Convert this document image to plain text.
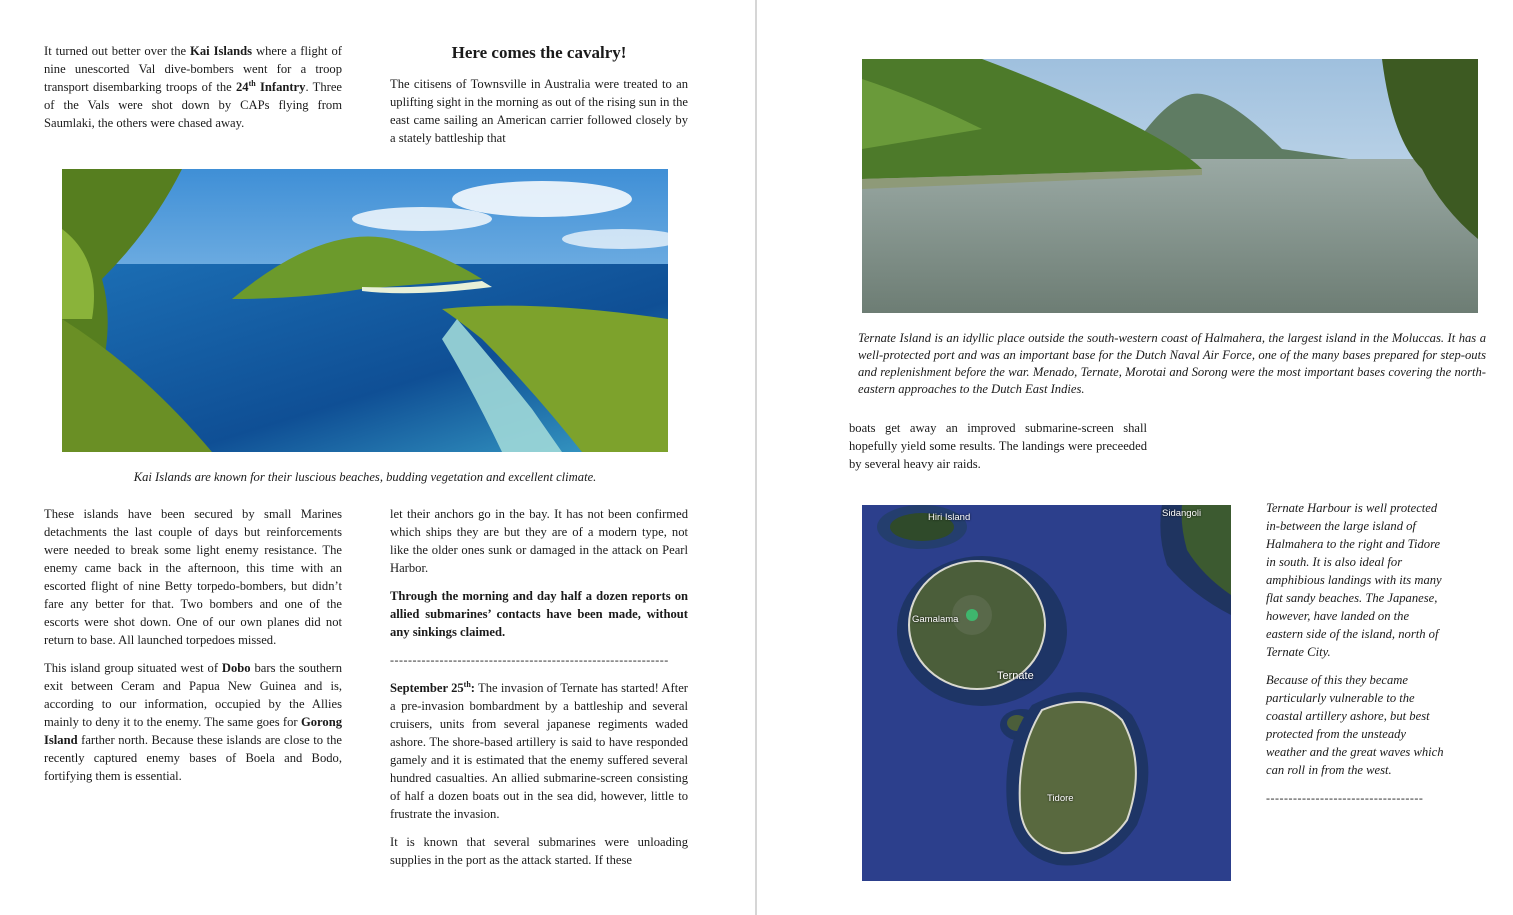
It turned out better over the Kai Islands where a flight of nine unescorted Val dive-bombers went for a troop transport disembarking troops of the 24th Infantry. Three of the Vals were shot down by CAPs flying from Saumlaki, the others were chased away.

Here comes the cavalry!

The citisens of Townsville in Australia were treated to an uplifting sight in the morning as out of the rising sun in the east came sailing an American carrier followed closely by a stately battleship that

Kai Islands are known for their luscious beaches, budding vegetation and excellent climate.

These islands have been secured by small Marines detachments the last couple of days but reinforcements were needed to break some light enemy resistance. The enemy came back in the afternoon, this time with an escorted flight of nine Betty torpedo-bombers, but didn’t fare any better for that. Two bombers and one of the escorts were shot down. One of our own planes did not return to base. All launched torpedoes missed.

This island group situated west of Dobo bars the southern exit between Ceram and Papua New Guinea and is, according to our information, occupied by the Allies mainly to deny it to the enemy. The same goes for Gorong Island farther north. Because these islands are close to the recently captured enemy bases of Boela and Bodo, fortifying them is essential.

let their anchors go in the bay. It has not been confirmed which ships they are but they are of a modern type, not like the older ones sunk or damaged in the attack on Pearl Harbor.

Through the morning and day half a dozen reports on allied submarines’ contacts have been made, without any sinkings claimed.

--------------------------------------------------------------

September 25th: The invasion of Ternate has started! After a pre-invasion bombardment by a battleship and several cruisers, units from several japanese regiments waded ashore. The shore-based artillery is said to have responded gamely and it is estimated that the enemy suffered several hundred casualties. An allied submarine-screen consisting of half a dozen boats out in the sea did, however, little to frustrate the invasion.

It is known that several submarines were unloading supplies in the port as the attack started. If these

Ternate Island is an idyllic place outside the south-western coast of Halmahera, the largest island in the Moluccas. It has a well-protected port and was an important base for the Dutch Naval Air Force, one of the many bases prepared for step-outs and replenishment before the war. Menado, Ternate, Morotai and Sorong were the most important bases covering the north-eastern approaches to the Dutch East Indies.

boats get away an improved submarine-screen shall hopefully yield some results. The landings were preceeded by several heavy air raids.

Hiri Island	Sidangoli
Gamalama
Ternate
Tidore

Ternate Harbour is well protected in-between the large island of Halmahera to the right and Tidore in south. It is also ideal for amphibious landings with its many flat sandy beaches. The Japanese, however, have landed on the eastern side of the island, north of Ternate City.

Because of this they became particularly vulnerable to the coastal artillery ashore, but best protected from the unsteady weather and the great waves which can roll in from the west.

-----------------------------------
